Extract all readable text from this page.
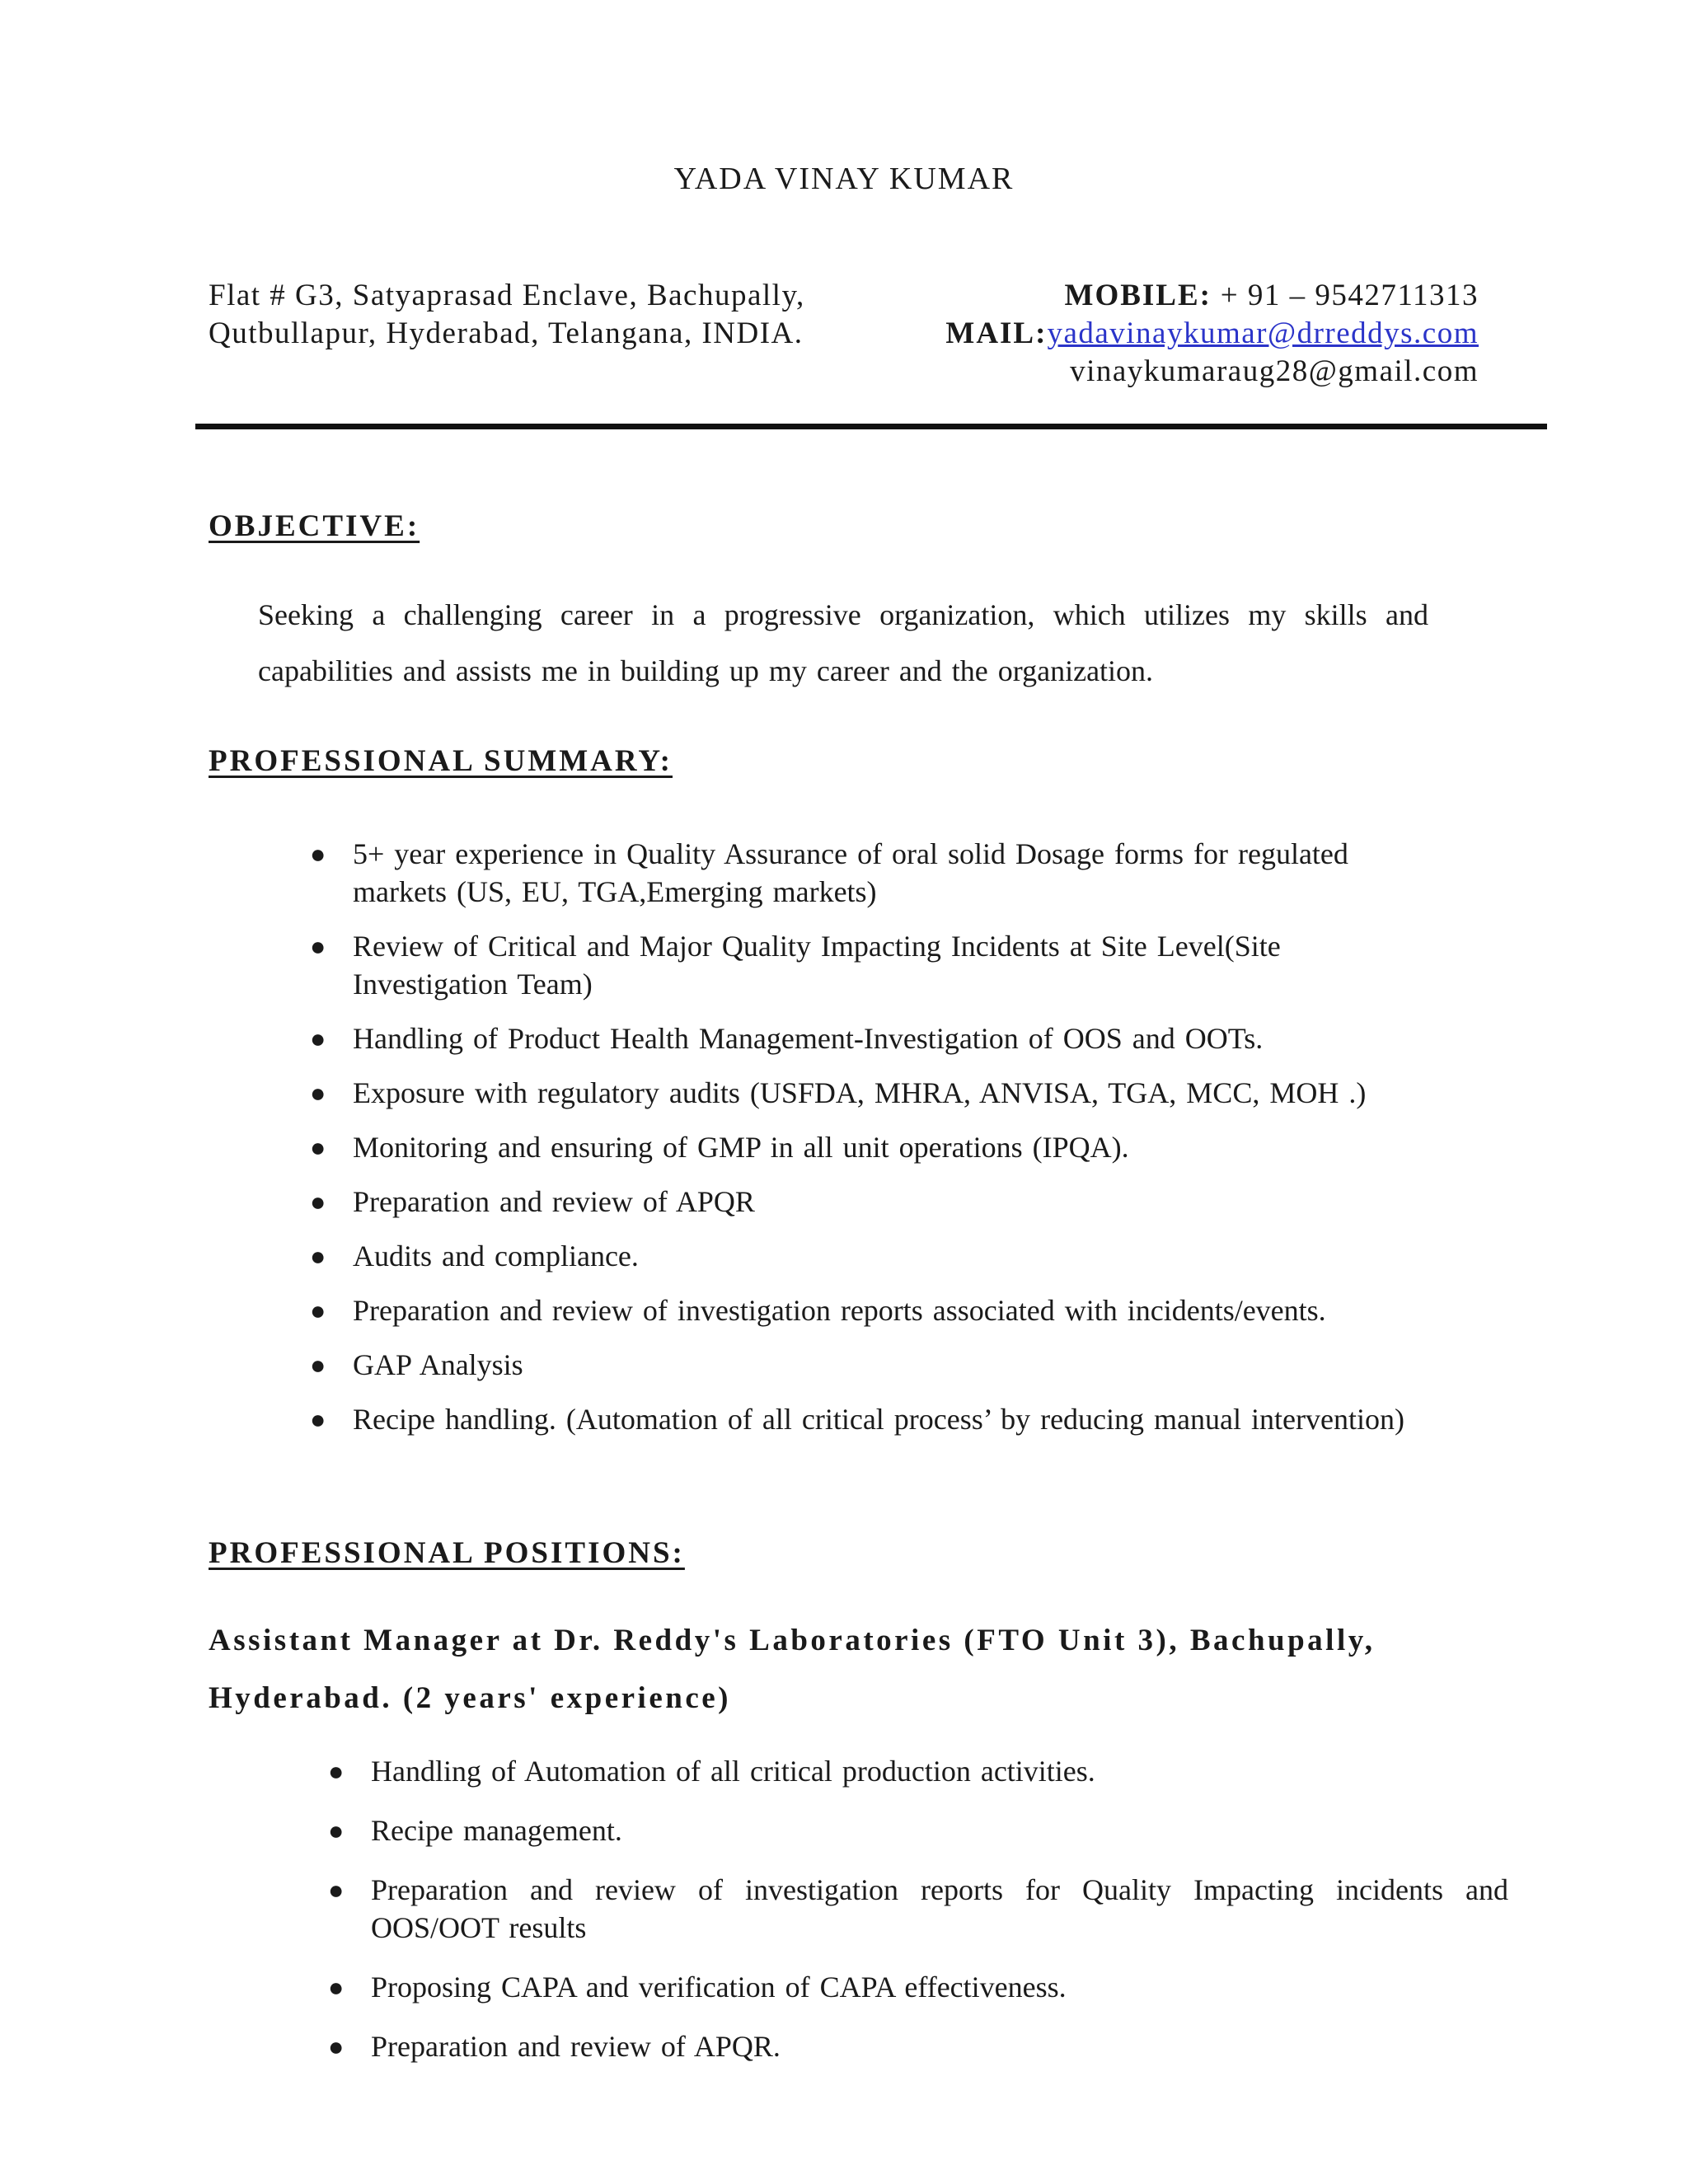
YADA VINAY KUMAR
Flat # G3, Satyaprasad Enclave, Bachupally,
Qutbullapur, Hyderabad, Telangana, INDIA.
MOBILE: + 91 – 9542711313
MAIL:yadavinaykumar@drreddys.com
vinaykumaraug28@gmail.com
OBJECTIVE:
Seeking a challenging career in a progressive organization, which utilizes my skills and capabilities and assists me in building up my career and the organization.
PROFESSIONAL SUMMARY:
● 5+ year experience in Quality Assurance of oral solid Dosage forms for regulated markets (US, EU, TGA,Emerging markets)
● Review of Critical and Major Quality Impacting Incidents at Site Level(Site Investigation Team)
● Handling of Product Health Management-Investigation of OOS and OOTs.
● Exposure with regulatory audits (USFDA, MHRA, ANVISA, TGA, MCC, MOH .)
● Monitoring and ensuring of GMP in all unit operations (IPQA).
● Preparation and review of APQR
● Audits and compliance.
● Preparation and review of investigation reports associated with incidents/events.
● GAP Analysis
● Recipe handling. (Automation of all critical process’ by reducing manual intervention)
PROFESSIONAL POSITIONS:
Assistant Manager at Dr. Reddy's Laboratories (FTO Unit 3), Bachupally, Hyderabad. (2 years' experience)
● Handling of Automation of all critical production activities.
● Recipe management.
● Preparation and review of investigation reports for Quality Impacting incidents and OOS/OOT results
● Proposing CAPA and verification of CAPA effectiveness.
● Preparation and review of APQR.
